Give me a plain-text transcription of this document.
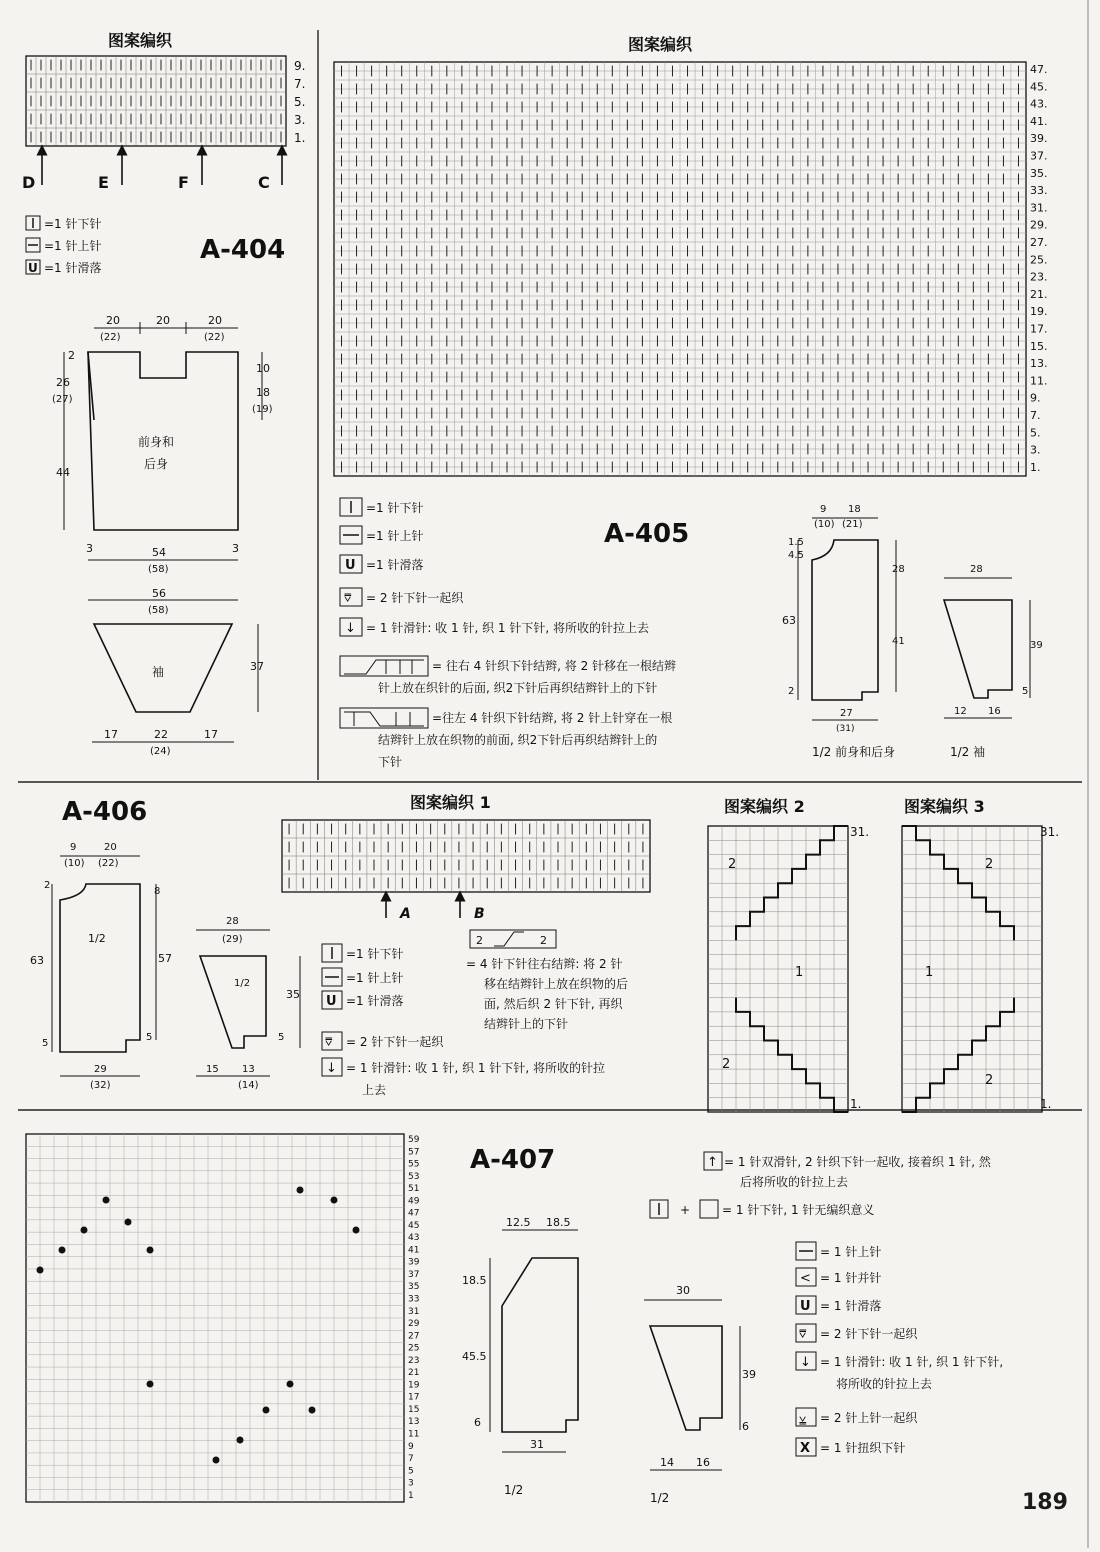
图案编织
9.
7.
5.
3.
1.
D	E	F	C
=1 针下针
=1 针上针
U =1 针滑落
A-404
20
(22)
20	20
(22)
2
26
(27)
44
10
18
(19)
前身和
后身
3	3
54
(58)
56
(58)
37
袖
17	22
(24)
17
图案编织
47.
45.
43.
41.
39.
37.
35.
33.
31.
29.
27.
25.
23.
21.
19.
17.
15.
13.
11.
9.
7.
5.
3.
1.
=1 针下针
=1 针上针
U =1 针滑落
⩢ = 2 针下针一起织
↓ = 1 针滑针: 收 1 针, 织 1 针下针, 将所收的针拉上去
= 往右 4 针织下针结辫, 将 2 针移在一根结辫
针上放在织针的后面, 织2下针后再织结辫针上的下针
=往左 4 针织下针结辫, 将 2 针上针穿在一根
结辫针上放在织物的前面, 织2下针后再织结辫针上的
下针
A-405
9
(10)
18
(21)
1.5
4.5
63
2
28
41
27
(31)
1/2 前身和后身
28
39
5
12 16
1/2 袖
A-406
9
(10)
20
(22)
2
63
5
8
57
5
1/2
29
(32)
28
(29)
1/2
35
5
15 13
(14)
图案编织 1
A	B
=1 针下针
=1 针上针
U =1 针滑落
⩢ = 2 针下针一起织
↓ = 1 针滑针: 收 1 针, 织 1 针下针, 将所收的针拉
上去
2	2
= 4 针下针往右结辫: 将 2 针
移在结辫针上放在织物的后
面, 然后织 2 针下针, 再织
结辫针上的下针
图案编织 2
2
1
2
31.
1.
图案编织 3
2
1
2
31.
1.
59
57
55
53
51
49
47
45
43
41
39
37
35
33
31
29
27
25
23
21
19
17
15
13
11
9
7
5
3
1
A-407
12.5 18.5
18.5
45.5
6
31
1/2
30
39
6
14 16
1/2
↑ = 1 针双滑针, 2 针织下针一起收, 接着织 1 针, 然
后将所收的针拉上去
+	= 1 针下针, 1 针无编织意义
= 1 针上针
< = 1 针并针
U = 1 针滑落
⩢ = 2 针下针一起织
↓ = 1 针滑针: 收 1 针, 织 1 针下针,
将所收的针拉上去
⩣ = 2 针上针一起织
X = 1 针扭织下针
189
